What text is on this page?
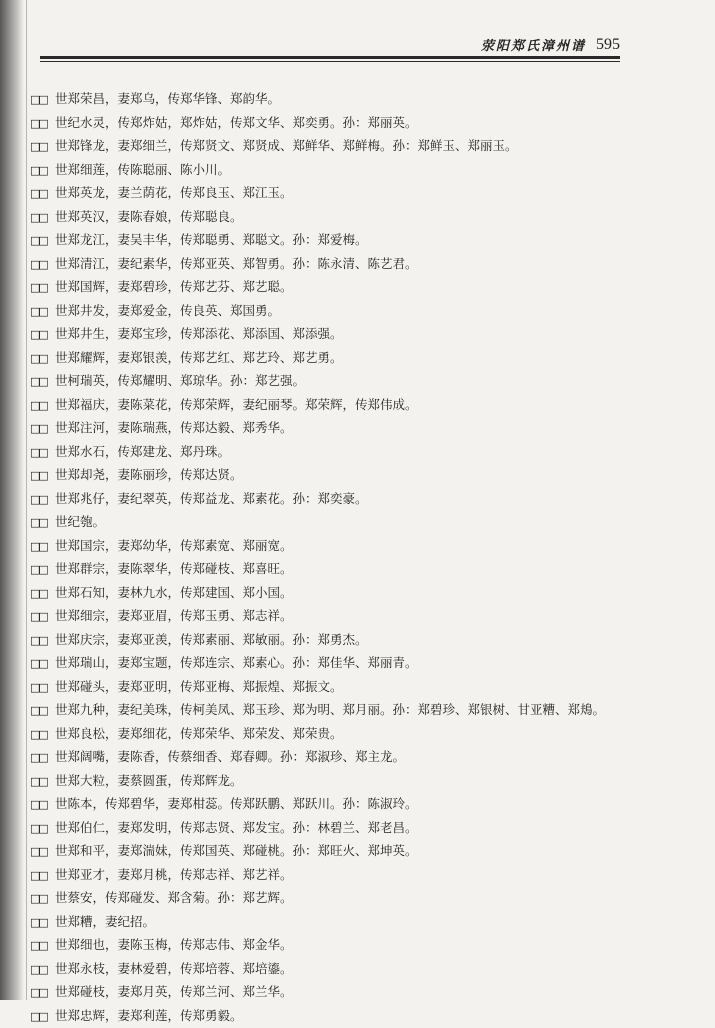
荥阳郑氏漳州谱 595
□□ 世郑荣昌，妻郑乌，传郑华锋、郑韵华。
□□ 世纪水灵，传郑炸姑，郑炸姑，传郑文华、郑奕勇。孙：郑丽英。
□□ 世郑锋龙，妻郑细兰，传郑贤文、郑贤成、郑鲜华、郑鲜梅。孙：郑鲜玉、郑丽玉。
□□ 世郑细莲，传陈聪丽、陈小川。
□□ 世郑英龙，妻兰荫花，传郑良玉、郑江玉。
□□ 世郑英汉，妻陈春娘，传郑聪良。
□□ 世郑龙江，妻吴丰华，传郑聪勇、郑聪文。孙：郑爱梅。
□□ 世郑清江，妻纪素华，传郑亚英、郑智勇。孙：陈永清、陈艺君。
□□ 世郑国辉，妻郑碧珍，传郑艺芬、郑艺聪。
□□ 世郑井发，妻郑爱金，传良英、郑国勇。
□□ 世郑井生，妻郑宝珍，传郑添花、郑添国、郑添强。
□□ 世郑耀辉，妻郑银羡，传郑艺红、郑艺玲、郑艺勇。
□□ 世柯瑞英，传郑耀明、郑琼华。孙：郑艺强。
□□ 世郑福庆，妻陈菜花，传郑荣辉，妻纪丽琴。郑荣辉，传郑伟成。
□□ 世郑注河，妻陈瑞燕，传郑达毅、郑秀华。
□□ 世郑水石，传郑建龙、郑丹珠。
□□ 世郑却尧，妻陈丽珍，传郑达贤。
□□ 世郑兆仔，妻纪翠英，传郑益龙、郑素花。孙：郑奕豪。
□□ 世纪匏。
□□ 世郑国宗，妻郑幼华，传郑素宽、郑丽宽。
□□ 世郑群宗，妻陈翠华，传郑碰枝、郑喜旺。
□□ 世郑石知，妻林九水，传郑建国、郑小国。
□□ 世郑细宗，妻郑亚眉，传郑玉勇、郑志祥。
□□ 世郑庆宗，妻郑亚羡，传郑素丽、郑敏丽。孙：郑勇杰。
□□ 世郑瑞山，妻郑宝题，传郑连宗、郑素心。孙：郑佳华、郑丽青。
□□ 世郑碰头，妻郑亚明，传郑亚梅、郑振煌、郑振文。
□□ 世郑九种，妻纪美珠，传柯美凤、郑玉珍、郑为明、郑月丽。孙：郑碧珍、郑银树、甘亚糟、郑鳺。
□□ 世郑良松，妻郑细花，传郑荣华、郑荣发、郑荣贵。
□□ 世郑阔嘴，妻陈香，传蔡细香、郑春卿。孙：郑淑珍、郑主龙。
□□ 世郑大粒，妻蔡圆蛋，传郑辉龙。
□□ 世陈本，传郑碧华，妻郑柑蕊。传郑跃鹏、郑跃川。孙：陈淑玲。
□□ 世郑伯仁，妻郑发明，传郑志贤、郑发宝。孙：林碧兰、郑老昌。
□□ 世郑和平，妻郑湍妹，传郑国英、郑碰桃。孙：郑旺火、郑坤英。
□□ 世郑亚才，妻郑月桃，传郑志祥、郑艺祥。
□□ 世蔡安，传郑碰发、郑含菊。孙：郑艺辉。
□□ 世郑糟，妻纪招。
□□ 世郑细也，妻陈玉梅，传郑志伟、郑金华。
□□ 世郑永枝，妻林爱碧，传郑培蓉、郑培鎏。
□□ 世郑碰枝，妻郑月英，传郑兰河、郑兰华。
□□ 世郑忠辉，妻郑利莲，传郑勇毅。
